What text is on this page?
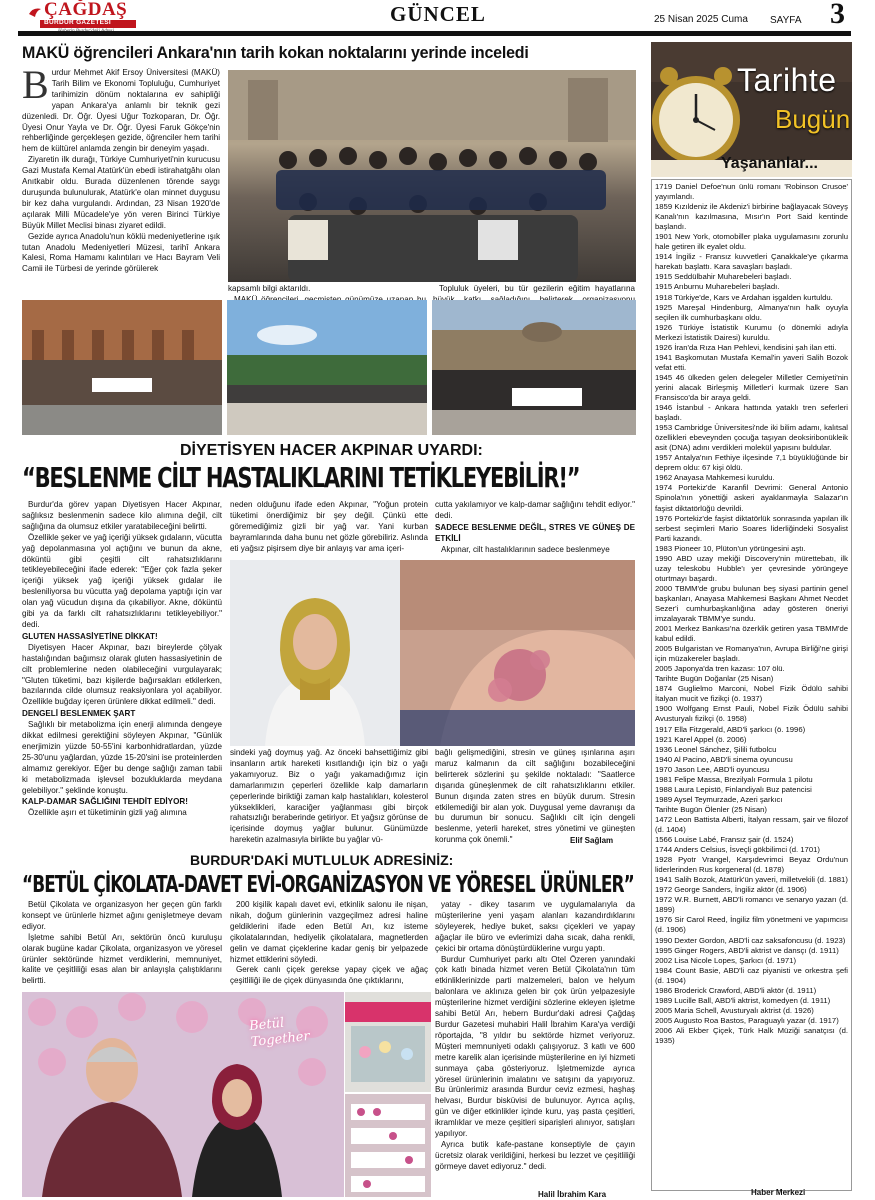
ÇAĞDAŞ
BURDUR GAZETESİ	GÜNCEL	25 Nisan 2025 Cuma SAYFA 3
MAKÜ öğrencileri Ankara'nın tarih kokan noktalarını yerinde inceledi
B urdur Mehmet Akif Ersoy Üniversitesi (MAKÜ) Tarih Bilim ve Ekonomi Topluluğu, Cumhuriyet tarihimizin dönüm noktalarına ev sahipliği yapan Ankara'ya anlamlı bir teknik gezi düzenledi. Dr. Öğr. Üyesi Uğur Tozkoparan, Dr. Öğr. Üyesi Onur Yayla ve Dr. Öğr. Üyesi Faruk Gökçe'nin rehberliğinde gerçekleşen gezide, öğrenciler hem tarihi hem de kültürel anlamda zengin bir deneyim yaşadı.

Ziyaretin ilk durağı, Türkiye Cumhuriyeti'nin kurucusu Gazi Mustafa Kemal Atatürk'ün ebedi istirahatgâhı olan Anıtkabir oldu. Burada düzenlenen törende saygı duruşunda bulunulurak, Atatürk'e olan minnet duygusu bir kez daha vurgulandı. Ardından, 23 Nisan 1920'de açılarak Milli Mücadele'ye yön veren Birinci Türkiye Büyük Millet Meclisi binası ziyaret edildi.

Gezide ayrıca Anadolu'nun köklü medeniyetlerine ışık tutan Anadolu Medeniyetleri Müzesi, tarihî Ankara Kalesi, Roma Hamamı kalıntıları ve Hacı Bayram Veli Camii ile Türbesi de yerinde görülerek

kapsamlı bilgi aktarıldı.	Topluluk üyeleri, bu tür gezilerin eğitim hayatlarına

DİYETİSYEN HACER AKPINAR UYARDI:
“BESLENME CİLT HASTALIKLARINI TETİKLEYEBİLİR!”

Burdur'da görev yapan Diyetisyen Hacer Akpınar, sağlıksız beslenmenin sadece kilo alımına değil, cilt sağlığına da olumsuz etkiler yaratabileceğini belirtti.

Özellikle şeker ve yağ içeriği yüksek gıdaların, vücutta yağ depolanmasına yol açtığını ve bunun da akne, döküntü gibi çeşitli cilt rahatsızlıklarını tetikleyebileceğini ifade ederek: "Eğer çok fazla şeker içeriği yüksek yağ içeriği yüksek gıdalar ile besleniliyorsa bu vücutta yağ depolama yaptığı için var olan yağ vücudun dışına da çıkabiliyor. Akne, döküntü gibi ya da farklı cilt rahatsızlıklarını tetikleyebiliyor." dedi.

GLUTEN HASSASİYETİNE DİKKAT!

Diyetisyen Hacer Akpınar, bazı bireylerde çölyak hastalığından bağımsız olarak gluten hassasiyetinin de cilt problemlerine neden olabileceğini vurgulayarak; "Gluten tüketimi, bazı kişilerde bağırsakları etkilerken, bazılarında cilde olumsuz reaksiyonlara yol açabiliyor. Özellikle buğday içeren ürünlere dikkat edilmeli." dedi.

DENGELİ BESLENMEK ŞART

Sağlıklı bir metabolizma için enerji alımında dengeye dikkat edilmesi gerektiğini söyleyen Akpınar, "Günlük enerjimizin yüzde 50-55'ini karbonhidratlardan, yüzde 25-30'unu yağlardan, yüzde 15-20'sini ise proteinlerden almamız gerekiyor. Eğer bu denge sağlığı zaman tabii ki metabolizmada işlevsel bozukluklarda meydana gelebiliyor." şeklinde konuştu.

KALP-DAMAR SAĞLIĞINI TEHDİT EDİYOR!

Özellikle aşırı et tüketiminin gizli yağ alımına

neden olduğunu ifade eden Akpınar, "Yoğun protein tüketimi önerdiğimiz bir şey değil. Çünkü ette göremediğimiz gizli bir yağ var. Yani kurban bayramlarında daha bunu net gözle görebiliriz. Aslında eti yağsız pişirsem diye bir anlayış var ama içeri-

cutta yakılamıyor ve kalp-damar sağlığını tehdit ediyor." dedi.

SADECE BESLENME DEĞİL, STRES VE GÜNEŞ DE ETKİLİ

Akpınar, cilt hastalıklarının sadece beslenmeye

sindeki yağ doymuş yağ. Az önceki bahsettiğimiz gibi insanların artık hareketi kısıtlandığı için biz o yağı yakamıyoruz. Biz o yağı yakamadığımız için damarlarımızın çeperleri özellikle kalp damarların çeperlerinde biriktiği zaman kalp hastalıkları, kolesterol yükseklikleri, karaciğer yağlanması gibi birçok rahatsızlığı beraberinde getiriyor. Et yağsız görünse de içerisinde doymuş yağlar bulunur. Günümüzde hareketin azalmasıyla birlikte bu yağlar vü-

bağlı gelişmediğini, stresin ve güneş ışınlarına aşırı maruz kalmanın da cilt sağlığını bozabileceğini belirterek sözlerini şu şekilde noktaladı: "Saatlerce dışarıda güneşlenmek de cilt rahatsızlıklarını etkiler. Bunun dışında zaten stres en büyük durum. Stresin etkilemediği bir alan yok. Duygusal yeme davranışı da bu durumun bir sonucu. Sağlıklı cilt için dengeli beslenme, yeterli hareket, stres yönetimi ve güneşten korunma çok önemli."	Elif Sağlam
BURDUR'DAKİ MUTLULUK ADRESİNİZ:
“BETÜL ÇİKOLATA-DAVET EVİ-ORGANİZASYON VE YÖRESEL ÜRÜNLER”

Betül Çikolata ve organizasyon her geçen gün farklı konsept ve ürünlerle hizmet ağını genişletmeye devam ediyor.

İşletme sahibi Betül Arı, sektörün öncü kuruluşu olarak bugüne kadar Çikolata, organizasyon ve yöresel ürünler sektöründe hizmet verdiklerini, memnuniyet, kalite ve çeşitliliği esas alan bir anlayışla çalıştıklarını belirtti.

200 kişilik kapalı davet evi, etkinlik salonu ile nişan, nikah, doğum günlerinin vazgeçilmez adresi haline geldiklerini ifade eden Betül Arı, kız isteme çikolatalarından, hediyelik çikolatalara, magnetlerden gelin ve damat çiçeklerine kadar geniş bir yelpazede hizmet ettiklerini söyledi.

Gerek canlı çiçek gerekse yapay çiçek ve ağaç çeşitliliği ile de çiçek dünyasında öne çıktıklarını,

yatay - dikey tasarım ve uygulamalarıyla da müşterilerine yeni yaşam alanları kazandırdıklarını söyleyerek, hediye buket, saksı çiçekleri ve yapay ağaçlar ile büro ve evlerimizi daha sıcak, daha renkli, çekici bir ortama dönüştürdüklerine vurgu yaptı.

Burdur Cumhuriyet parkı altı Otel Özeren yanındaki çok katlı binada hizmet veren Betül Çikolata'nın tüm etkinliklerinizde parti malzemeleri, balon ve helyum balonlara ve aklınıza gelen bir çok ürün yelpazesiyle müşterilerine hizmet verdiğini sözlerine ekleyen işletme sahibi Betül Arı, hebern Burdur'daki adresi Çağdaş Burdur Gazetesi muhabiri Halil İbrahim Kara'ya verdiği röportajda, "8 yıldır bu sektörde hizmet veriyoruz. Müşteri memnuniyeti odaklı çalışıyoruz. 3 katlı ve 600 metre karelik alan içerisinde müşterilerine en iyi hizmeti sunmaya çaba gösteriyoruz. İşletmemizde ayrıca yöresel ürünlerinin imalatını ve satışını da yapıyoruz. Bu ürünlerimiz arasında Burdur ceviz ezmesi, haşhaş helvası, Burdur bisküvisi de bulunuyor. Ayrıca açılış, gün ve diğer etkinlikler içinde kuru, yaş pasta çeşitleri, ikramlıklar ve meze çeşitleri siparişleri alınıyor, satışları yapılıyor.

Ayrıca butik kafe-pastane konseptiyle de çayın ücretsiz olarak verildiğini, herkesi bu lezzet ve çeşitliliği görmeye davet ediyoruz." dedi.

Halil İbrahim Kara
Betül Together
Tarihte
Bugün
Yaşananlar...
1719 Daniel Defoe'nun ünlü romanı 'Robinson Crusoe' yayımlandı.
1859 Kızıldeniz ile Akdeniz'i birbirine bağlayacak Süveyş Kanalı'nın kazılmasına, Mısır'ın Port Said kentinde başlandı.
1901 New York, otomobiller plaka uygulamasını zorunlu hale getiren ilk eyalet oldu.
1914 İngiliz - Fransız kuvvetleri Çanakkale'ye çıkarma harekatı başlattı. Kara savaşları başladı.
1915 Seddülbahir Muharebeleri başladı.
1915 Arıburnu Muharebeleri başladı.
1918 Türkiye'de, Kars ve Ardahan işgalden kurtuldu.
1925 Mareşal Hindenburg, Almanya'nın halk oyuyla seçilen ilk cumhurbaşkanı oldu.
1926 Türkiye İstatistik Kurumu (o dönemki adıyla Merkezi İstatistik Dairesi) kuruldu.
1926 İran'da Rıza Han Pehlevi, kendisini şah ilan etti.
1941 Başkomutan Mustafa Kemal'in yaveri Salih Bozok vefat etti.
1945 46 ülkeden gelen delegeler Milletler Cemiyeti'nin yerini alacak Birleşmiş Milletler'i kurmak üzere San Fransisco'da bir araya geldi.
1946 İstanbul - Ankara hattında yataklı tren seferleri başladı.
1953 Cambridge Üniversitesi'nde iki bilim adamı, kalıtsal özellikleri ebeveynden çocuğa taşıyan deoksiribonükleik asit (DNA) adını verdikleri molekül yapısını buldular.
1957 Antalya'nın Fethiye ilçesinde 7,1 büyüklüğünde bir deprem oldu: 67 kişi öldü.
1962 Anayasa Mahkemesi kuruldu.
1974 Portekiz'de Karanfil Devrimi: General Antonio Spinola'nın yönettiği askeri ayaklanmayla Salazar'ın faşist diktatörlüğü devrildi.
1976 Portekiz'de faşist diktatörlük sonrasında yapılan ilk serbest seçimleri Mario Soares liderliğindeki Sosyalist Parti kazandı.
1983 Pioneer 10, Plüton'un yörüngesini aştı.
1990 ABD uzay mekiği Discovery'nin mürettebatı, ilk uzay teleskobu Hubble'ı yer çevresinde yörüngeye oturtmayı başardı.
2000 TBMM'de grubu bulunan beş siyasi partinin genel başkanları, Anayasa Mahkemesi Başkanı Ahmet Necdet Sezer'i cumhurbaşkanlığına aday gösteren öneriyi imzalayarak TBMM'ye sundu.
2001 Merkez Bankası'na özerklik getiren yasa TBMM'de kabul edildi.
2005 Bulgaristan ve Romanya'nın, Avrupa Birliği'ne girişi için müzakereler başladı.
2005 Japonya'da tren kazası: 107 ölü.
Tarihte Bugün Doğanlar (25 Nisan)
1874 Guglielmo Marconi, Nobel Fizik Ödülü sahibi İtalyan mucit ve fizikçi (ö. 1937)
1900 Wolfgang Ernst Pauli, Nobel Fizik Ödülü sahibi Avusturyalı fizikçi (ö. 1958)
1917 Ella Fitzgerald, ABD'li şarkıcı (ö. 1996)
1921 Karel Appel (ö. 2006)
1936 Leonel Sánchez, Şilili futbolcu
1940 Al Pacino, ABD'li sinema oyuncusu
1970 Jason Lee, ABD'li oyuncusu
1981 Felipe Massa, Brezilyalı Formula 1 pilotu
1988 Laura Lepistö, Finlandiyalı Buz patencisi
1989 Aysel Teymurzade, Azeri şarkıcı
Tarihte Bugün Ölenler (25 Nisan)
1472 Leon Battista Alberti, İtalyan ressam, şair ve filozof (d. 1404)
1566 Louise Labé, Fransız şair (d. 1524)
1744 Anders Celsius, İsveçli gökbilimci (d. 1701)
1928 Pyotr Vrangel, Karşıdevrimci Beyaz Ordu'nun liderlerinden Rus korgeneral (d. 1878)
1941 Salih Bozok, Atatürk'ün yaveri, milletvekili (d. 1881)
1972 George Sanders, İngiliz aktör (d. 1906)
1972 W.R. Burnett, ABD'li romancı ve senaryo yazarı (d. 1899)
1976 Sir Carol Reed, İngiliz film yönetmeni ve yapımcısı (d. 1906)
1990 Dexter Gordon, ABD'li caz saksafoncusu (d. 1923)
1995 Ginger Rogers, ABD'li aktrist ve dansçı (d. 1911)
2002 Lisa Nicole Lopes, Şarkıcı (d. 1971)
1984 Count Basie, ABD'li caz piyanisti ve orkestra şefi (d. 1904)
1986 Broderick Crawford, ABD'li aktör (d. 1911)
1989 Lucille Ball, ABD'li aktrist, komedyen (d. 1911)
2005 Maria Schell, Avusturyalı aktrist (d. 1926)
2005 Augusto Roa Bastos, Paraguaylı yazar (d. 1917)
2006 Ali Ekber Çiçek, Türk Halk Müziği sanatçısı (d. 1935)
Haber Merkezi
